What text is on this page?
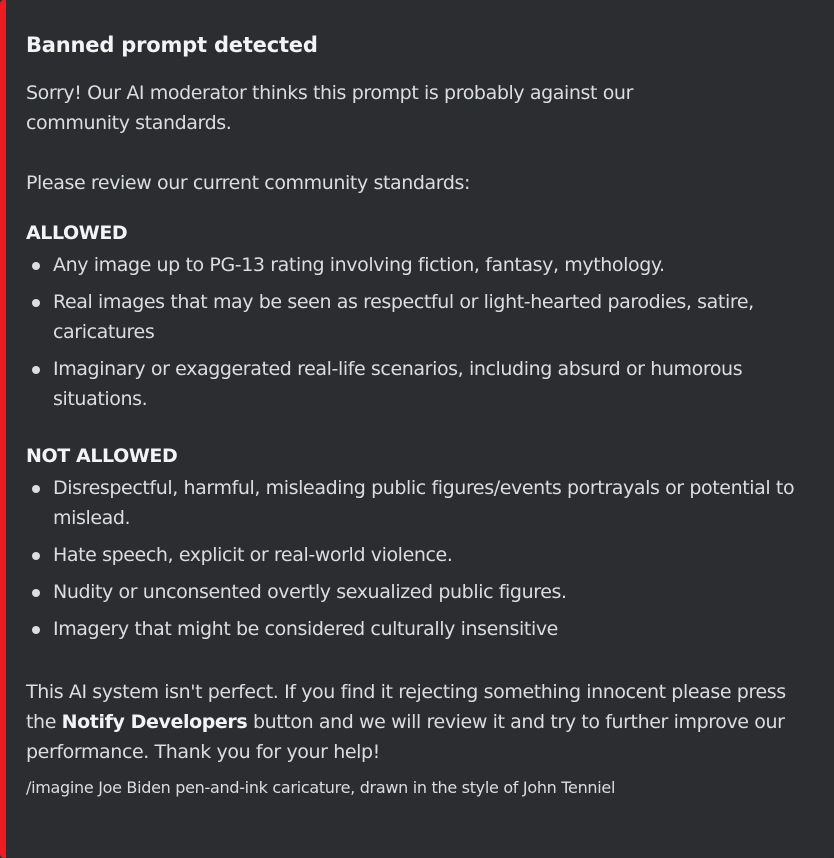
Banned prompt detected

Sorry! Our AI moderator thinks this prompt is probably against our
community standards.

Please review our current community standards:

ALLOWED
Any image up to PG-13 rating involving fiction, fantasy, mythology.
Real images that may be seen as respectful or light-hearted parodies, satire, caricatures
Imaginary or exaggerated real-life scenarios, including absurd or humorous situations.
NOT ALLOWED
Disrespectful, harmful, misleading public figures/events portrayals or potential to mislead.
Hate speech, explicit or real-world violence.
Nudity or unconsented overtly sexualized public figures.
Imagery that might be considered culturally insensitive

This AI system isn't perfect. If you find it rejecting something innocent please press the Notify Developers button and we will review it and try to further improve our performance. Thank you for your help!

/imagine Joe Biden pen-and-ink caricature, drawn in the style of John Tenniel
